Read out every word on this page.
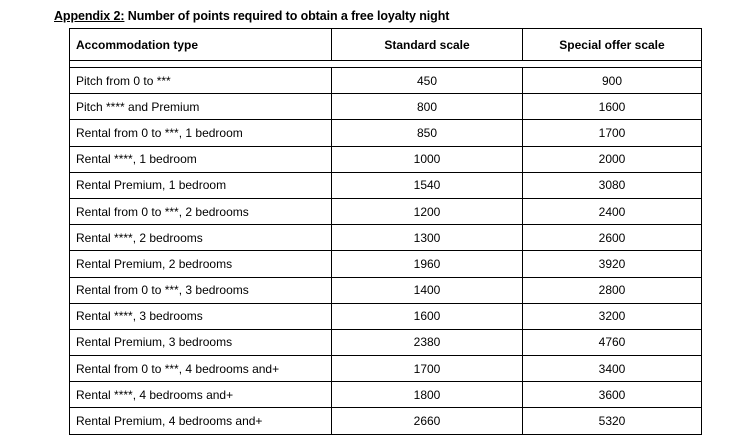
Appendix 2: Number of points required to obtain a free loyalty night
Accommodation type	Standard scale	Special offer scale

Pitch from 0 to ***	450	900
Pitch **** and Premium	800	1600
Rental from 0 to ***, 1 bedroom	850	1700
Rental ****, 1 bedroom	1000	2000
Rental Premium, 1 bedroom	1540	3080
Rental from 0 to ***, 2 bedrooms	1200	2400
Rental ****, 2 bedrooms	1300	2600
Rental Premium, 2 bedrooms	1960	3920
Rental from 0 to ***, 3 bedrooms	1400	2800
Rental ****, 3 bedrooms	1600	3200
Rental Premium, 3 bedrooms	2380	4760
Rental from 0 to ***, 4 bedrooms and+	1700	3400
Rental ****, 4 bedrooms and+	1800	3600
Rental Premium, 4 bedrooms and+	2660	5320
